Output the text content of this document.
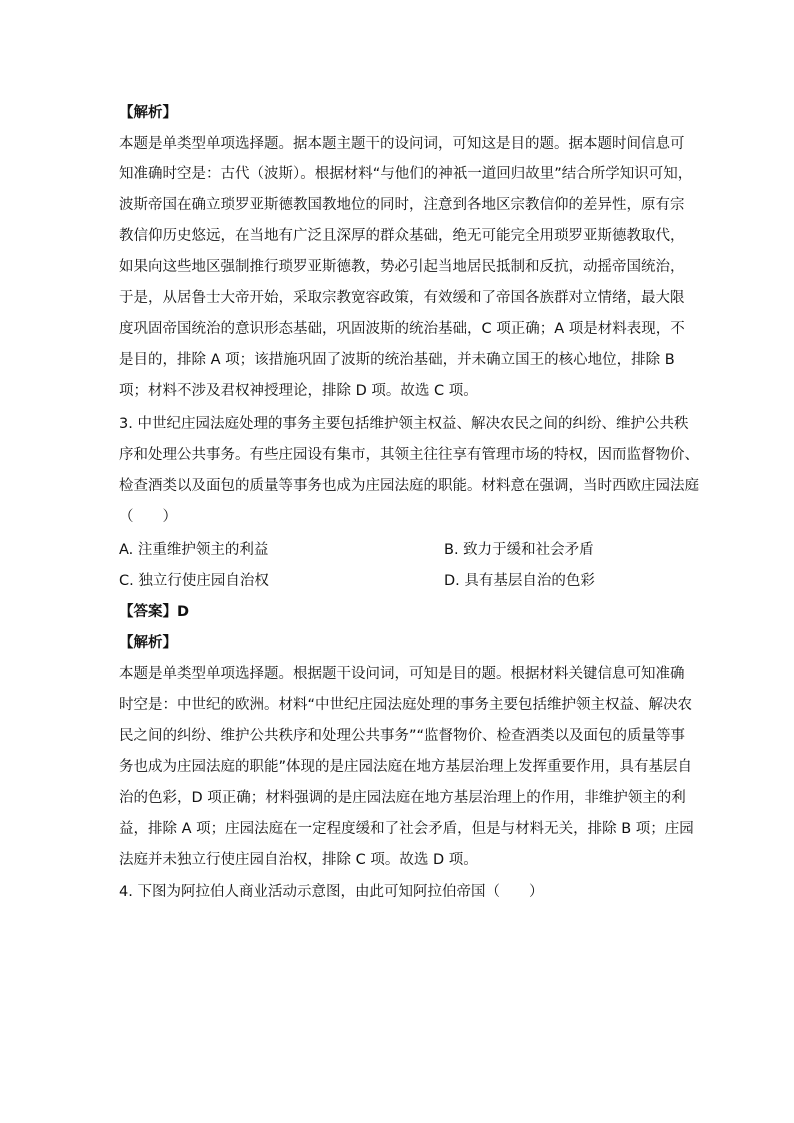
【解析】
本题是单类型单项选择题。据本题主题干的设问词，可知这是目的题。据本题时间信息可
知准确时空是：古代（波斯）。根据材料“与他们的神祇一道回归故里”结合所学知识可知，
波斯帝国在确立琐罗亚斯德教国教地位的同时，注意到各地区宗教信仰的差异性，原有宗
教信仰历史悠远，在当地有广泛且深厚的群众基础，绝无可能完全用琐罗亚斯德教取代，
如果向这些地区强制推行琐罗亚斯德教，势必引起当地居民抵制和反抗，动摇帝国统治，
于是，从居鲁士大帝开始，采取宗教宽容政策，有效缓和了帝国各族群对立情绪，最大限
度巩固帝国统治的意识形态基础，巩固波斯的统治基础，C 项正确；A 项是材料表现，不
是目的，排除 A 项；该措施巩固了波斯的统治基础，并未确立国王的核心地位，排除 B
项；材料不涉及君权神授理论，排除 D 项。故选 C 项。
3. 中世纪庄园法庭处理的事务主要包括维护领主权益、解决农民之间的纠纷、维护公共秩
序和处理公共事务。有些庄园设有集市，其领主往往享有管理市场的特权，因而监督物价、
检查酒类以及面包的质量等事务也成为庄园法庭的职能。材料意在强调，当时西欧庄园法庭
（　　）
A. 注重维护领主的利益	B. 致力于缓和社会矛盾
C. 独立行使庄园自治权	D. 具有基层自治的色彩
【答案】D
【解析】
本题是单类型单项选择题。根据题干设问词，可知是目的题。根据材料关键信息可知准确
时空是：中世纪的欧洲。材料“中世纪庄园法庭处理的事务主要包括维护领主权益、解决农
民之间的纠纷、维护公共秩序和处理公共事务”“监督物价、检查酒类以及面包的质量等事
务也成为庄园法庭的职能”体现的是庄园法庭在地方基层治理上发挥重要作用，具有基层自
治的色彩，D 项正确；材料强调的是庄园法庭在地方基层治理上的作用，非维护领主的利
益，排除 A 项；庄园法庭在一定程度缓和了社会矛盾，但是与材料无关，排除 B 项；庄园
法庭并未独立行使庄园自治权，排除 C 项。故选 D 项。
4. 下图为阿拉伯人商业活动示意图，由此可知阿拉伯帝国（　　）
